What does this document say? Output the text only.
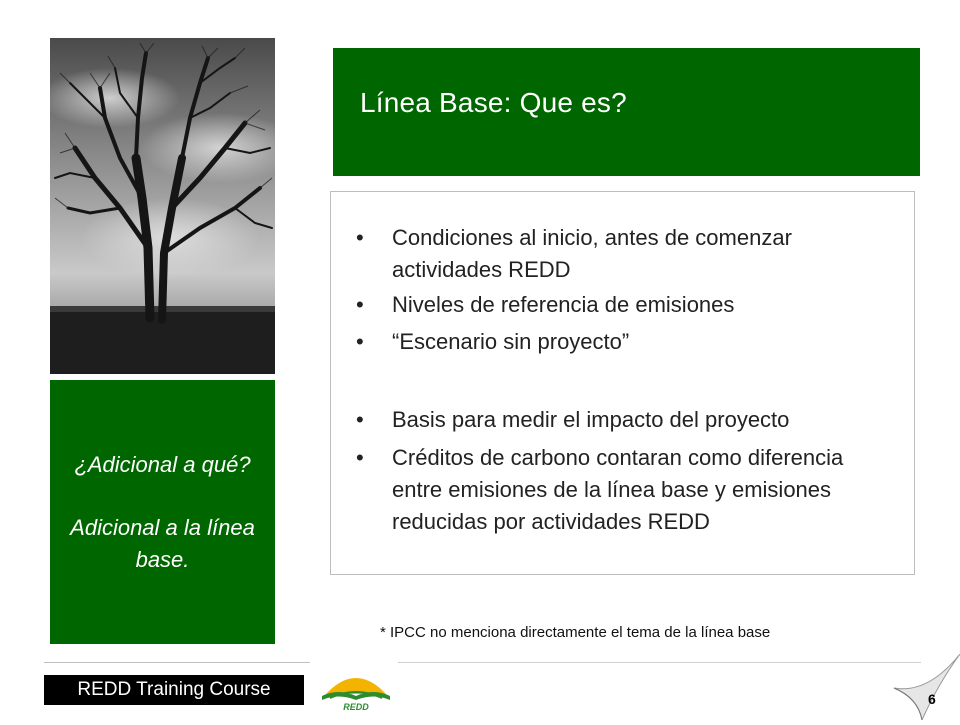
¿Adicional a qué?
Adicional a la línea base.
Línea Base: Que es?
• Condiciones al inicio, antes de comenzar actividades REDD
• Niveles de referencia de emisiones
• “Escenario sin proyecto”
• Basis para medir el impacto del proyecto
• Créditos de carbono contaran como diferencia entre emisiones de la línea base y emisiones reducidas por actividades REDD
* IPCC no menciona directamente el tema de la línea base
REDD Training Course
REDD	6
